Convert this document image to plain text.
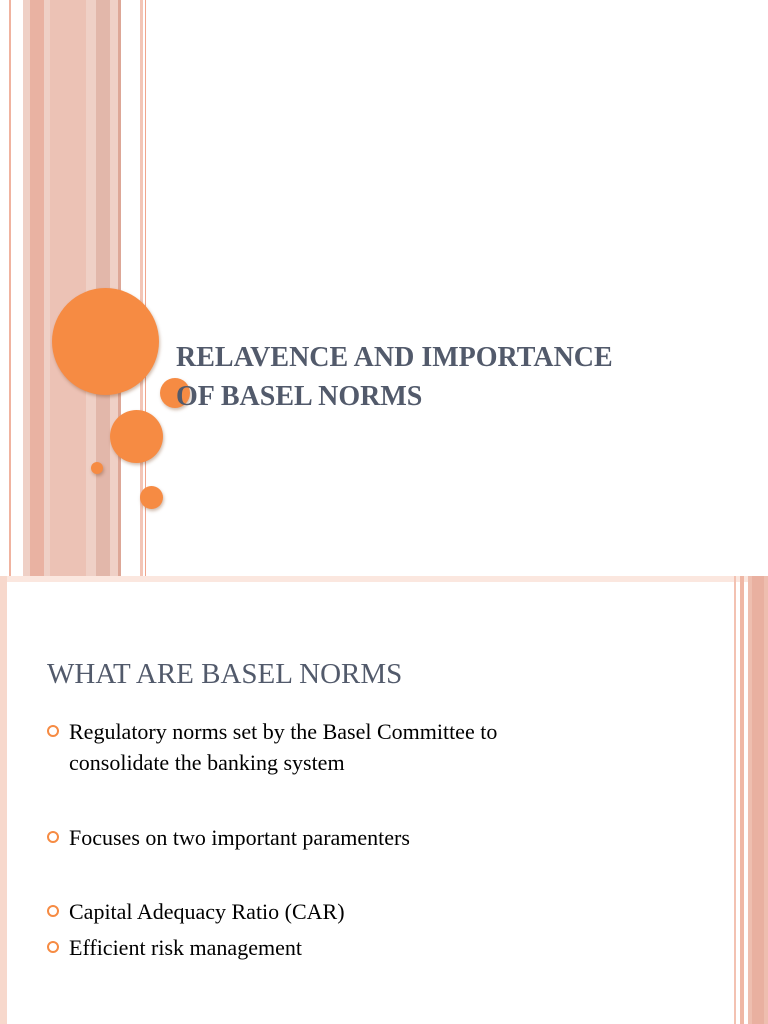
RELAVENCE AND IMPORTANCE
OF BASEL NORMS
WHAT ARE BASEL NORMS
Regulatory norms set by the Basel Committee to
consolidate the banking system
Focuses on two important paramenters
Capital Adequacy Ratio (CAR)
Efficient risk management
